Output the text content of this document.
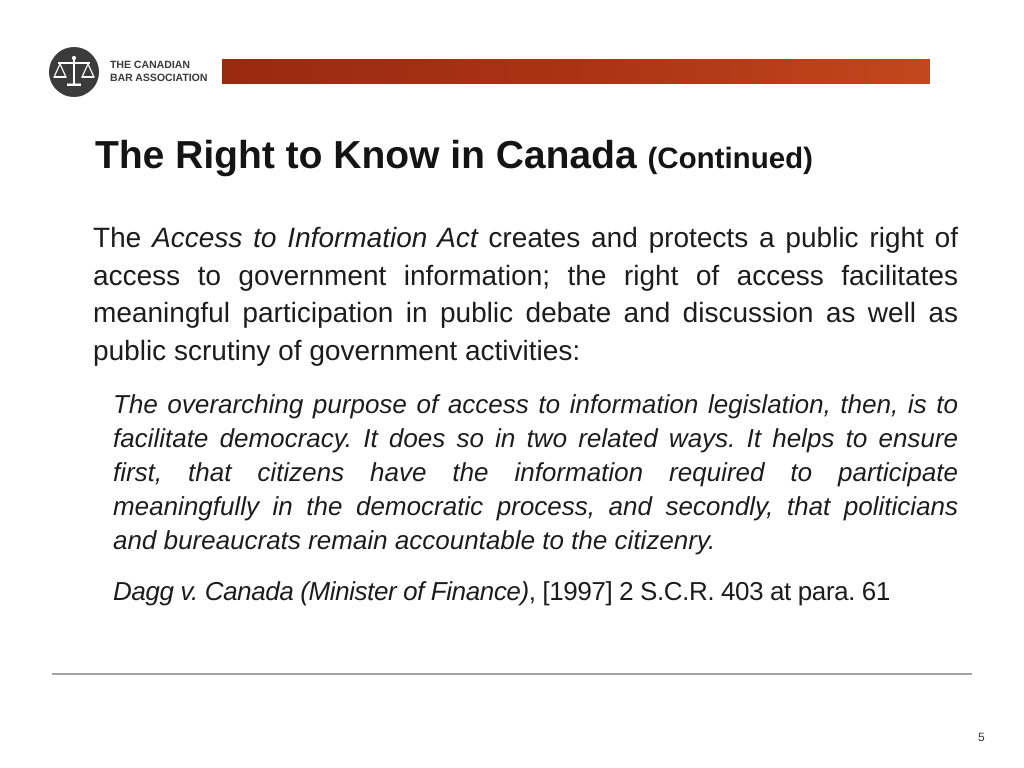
THE CANADIAN
BAR ASSOCIATION
The Right to Know in Canada (Continued)
The Access to Information Act creates and protects a public right of
access to government information; the right of access facilitates
meaningful participation in public debate and discussion as well as
public scrutiny of government activities:
The overarching purpose of access to information legislation, then, is to
facilitate democracy. It does so in two related ways. It helps to ensure
first, that citizens have the information required to participate
meaningfully in the democratic process, and secondly, that politicians
and bureaucrats remain accountable to the citizenry.
Dagg v. Canada (Minister of Finance), [1997] 2 S.C.R. 403 at para. 61
5
